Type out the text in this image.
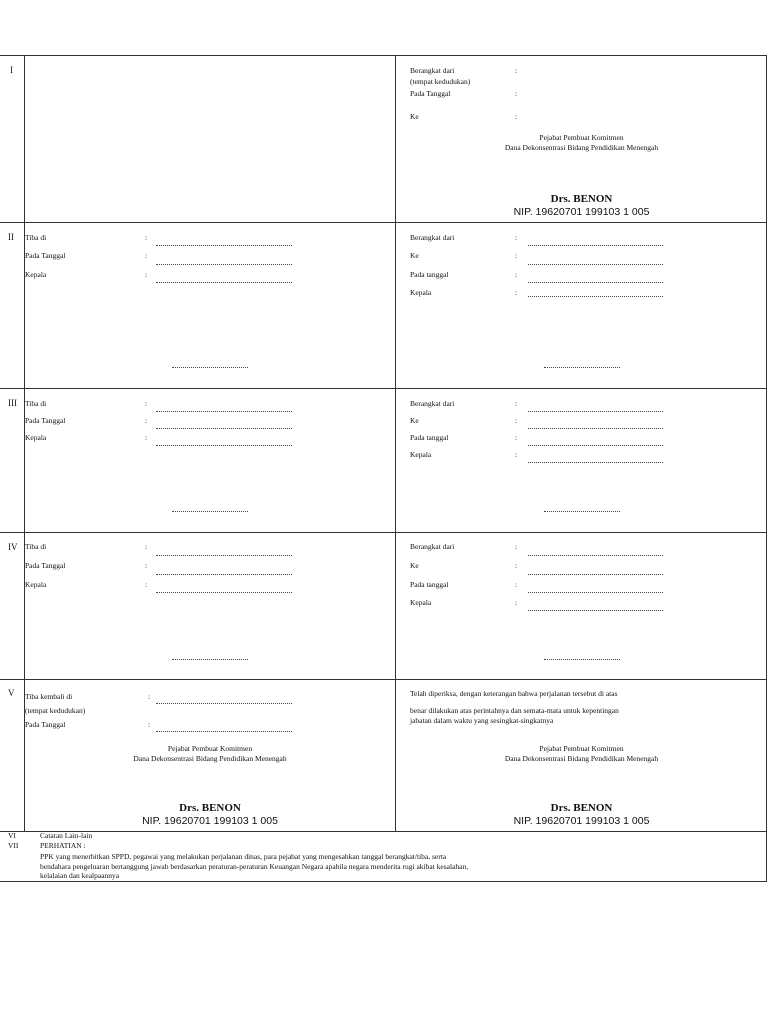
I	Berangkat dari	:
(tempat kedudukan)
Pada Tanggal	:
Ke	:
Pejabat Pembuat Komitmen
Dana Dekonsentrasi Bidang Pendidikan Menengah
Drs. BENON
NIP. 19620701 199103 1 005
II Tiba di	:
Pada Tanggal	:
Kepala	:
Berangkat dari	:
Ke	:
Pada tanggal	:
Kepala	:
III Tiba di	:
Pada Tanggal	:
Kepala	:
Berangkat dari	:
Ke	:
Pada tanggal	:
Kepala	:
IV Tiba di	:
Pada Tanggal	:
Kepala	:
Berangkat dari	:
Ke	:
Pada tanggal	:
Kepala	:
V Tiba kembali di	:
(tempat kedudukan)
Pada Tanggal	:
Pejabat Pembuat Komitmen
Dana Dekonsentrasi Bidang Pendidikan Menengah
Drs. BENON
NIP. 19620701 199103 1 005
Telah diperiksa, dengan keterangan bahwa perjalanan tersebut di atas
benar dilakukan atas perintahnya dan semata-mata untuk kepentingan
jabatan dalam waktu yang sesingkat-singkatnya
Pejabat Pembuat Komitmen
Dana Dekonsentrasi Bidang Pendidikan Menengah
Drs. BENON
NIP. 19620701 199103 1 005
VI	Catatan Lain-lain
VII	PERHATIAN :
PPK yang menerbitkan SPPD, pegawai yang melakukan perjalanan dinas, para pejabat yang mengesahkan tanggal berangkat/tiba, serta
bendahara pengeluaran bertanggung jawab berdasarkan peraturan-peraturan Keuangan Negara apabila negara menderita rugi akibat kesalahan,
kelalaian dan kealpaannya
